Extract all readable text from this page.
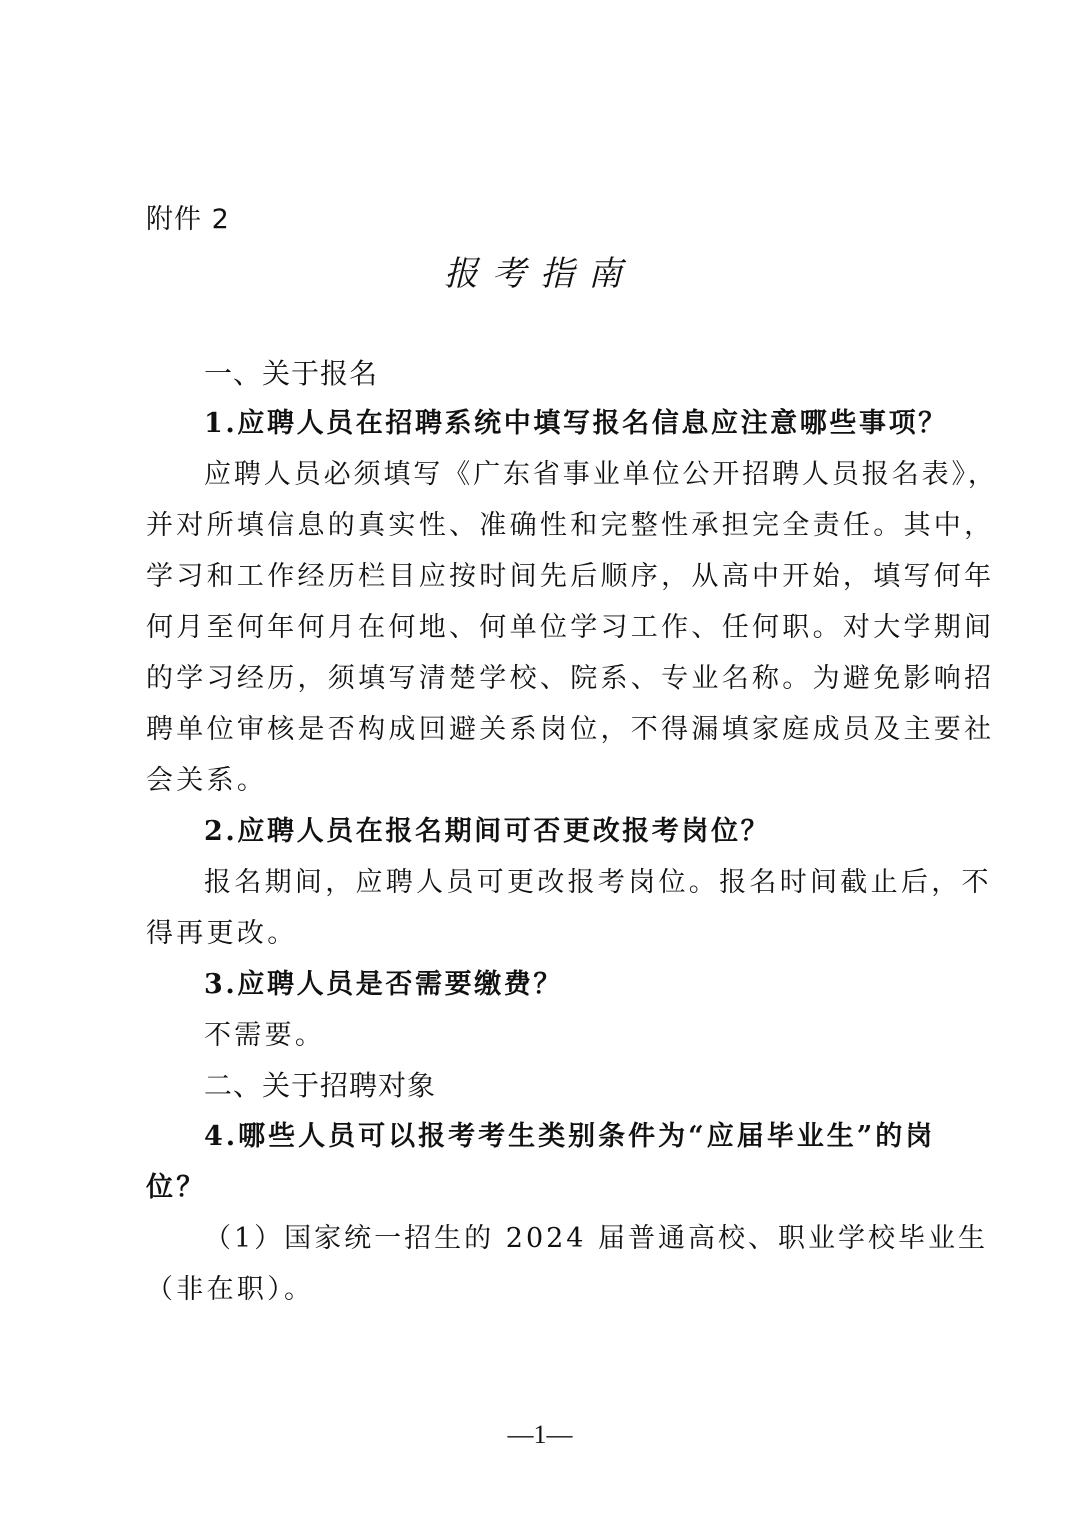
附件 2
报考指南
一、关于报名
1.应聘人员在招聘系统中填写报名信息应注意哪些事项？
应聘人员必须填写《广东省事业单位公开招聘人员报名表》，
并对所填信息的真实性、准确性和完整性承担完全责任。其中，
学习和工作经历栏目应按时间先后顺序，从高中开始，填写何年
何月至何年何月在何地、何单位学习工作、任何职。对大学期间
的学习经历，须填写清楚学校、院系、专业名称。为避免影响招
聘单位审核是否构成回避关系岗位，不得漏填家庭成员及主要社
会关系。
2.应聘人员在报名期间可否更改报考岗位？
报名期间，应聘人员可更改报考岗位。报名时间截止后，不
得再更改。
3.应聘人员是否需要缴费？
不需要。
二、关于招聘对象
4.哪些人员可以报考考生类别条件为“应届毕业生”的岗
位？
（1）国家统一招生的 2024 届普通高校、职业学校毕业生
（非在职）。
—1—
